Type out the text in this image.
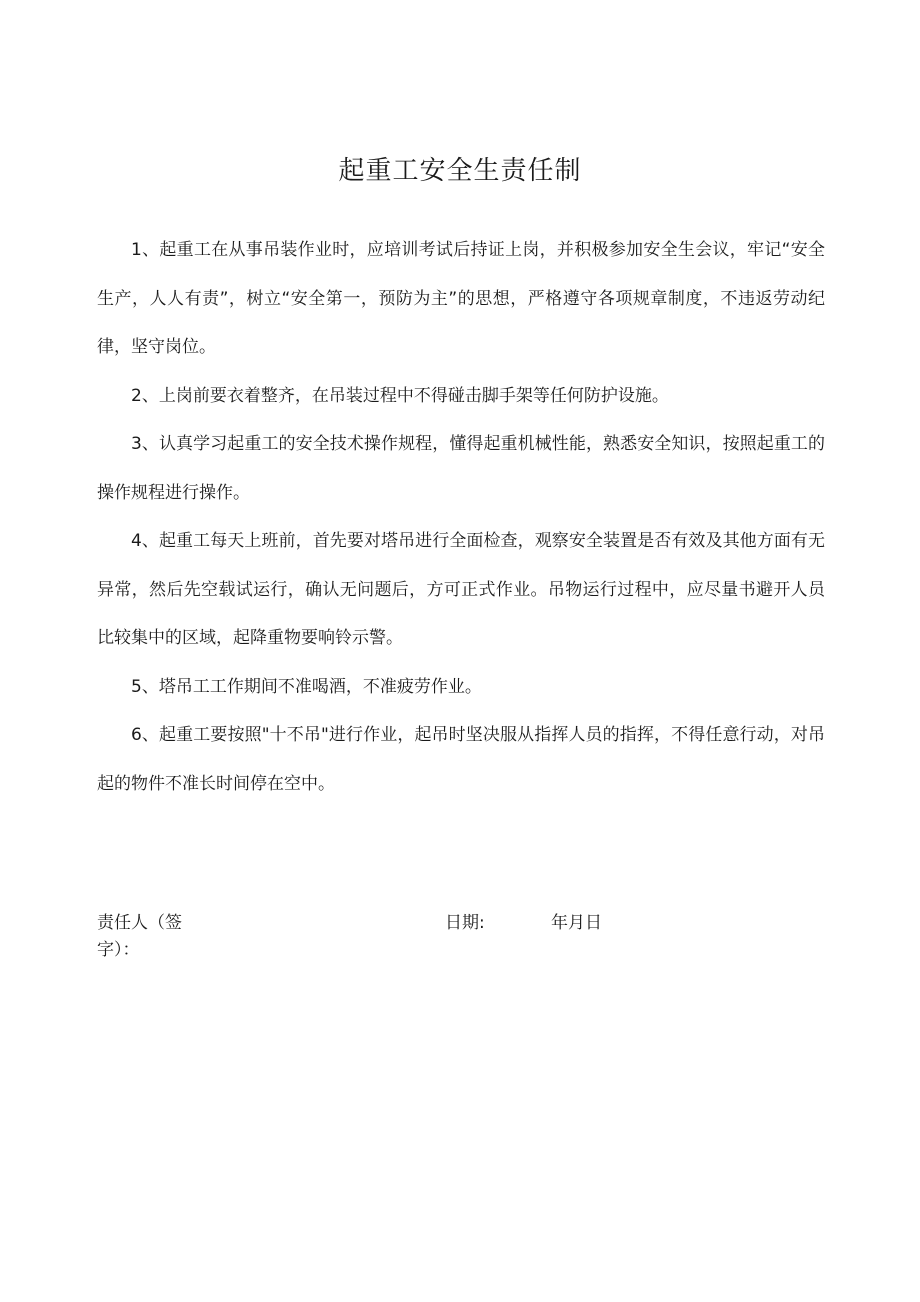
起重工安全生责任制

1、起重工在从事吊装作业时，应培训考试后持证上岗，并积极参加安全生会议，牢记“安全生产，人人有责”，树立“安全第一，预防为主”的思想，严格遵守各项规章制度，不违返劳动纪律，坚守岗位。

2、上岗前要衣着整齐，在吊装过程中不得碰击脚手架等任何防护设施。

3、认真学习起重工的安全技术操作规程，懂得起重机械性能，熟悉安全知识，按照起重工的操作规程进行操作。

4、起重工每天上班前，首先要对塔吊进行全面检查，观察安全装置是否有效及其他方面有无异常，然后先空载试运行，确认无问题后，方可正式作业。吊物运行过程中，应尽量书避开人员比较集中的区域，起降重物要响铃示警。

5、塔吊工工作期间不准喝酒，不准疲劳作业。

6、起重工要按照"十不吊"进行作业，起吊时坚决服从指挥人员的指挥，不得任意行动，对吊起的物件不准长时间停在空中。

责任人（签字）：
日期:	年月日
